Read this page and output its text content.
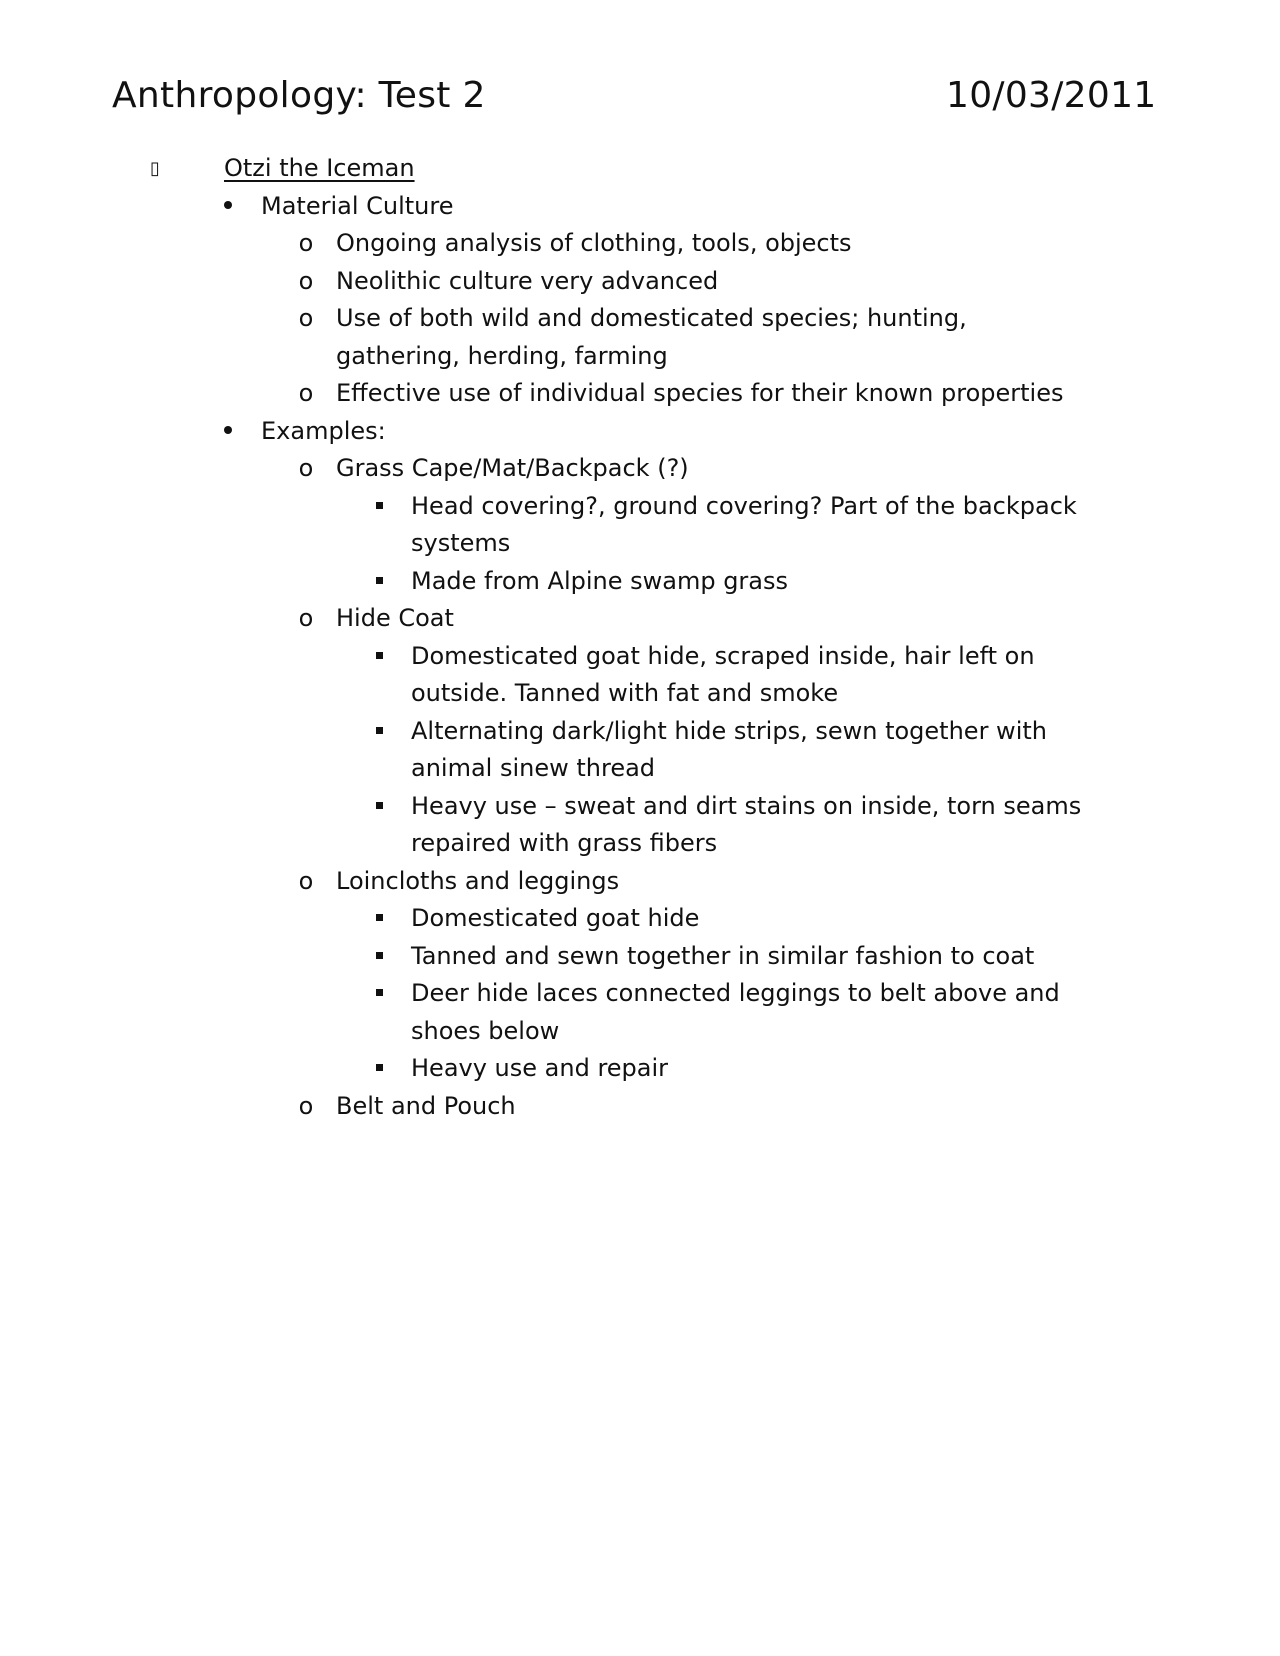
Anthropology: Test 2	10/03/2011
▯	Otzi the Iceman
Material Culture
o Ongoing analysis of clothing, tools, objects
o Neolithic culture very advanced
o Use of both wild and domesticated species; hunting,
gathering, herding, farming
o Effective use of individual species for their known properties
Examples:
o Grass Cape/Mat/Backpack (?)
Head covering?, ground covering? Part of the backpack
systems
Made from Alpine swamp grass
o Hide Coat
Domesticated goat hide, scraped inside, hair left on
outside. Tanned with fat and smoke
Alternating dark/light hide strips, sewn together with
animal sinew thread
Heavy use – sweat and dirt stains on inside, torn seams
repaired with grass fibers
o Loincloths and leggings
Domesticated goat hide
Tanned and sewn together in similar fashion to coat
Deer hide laces connected leggings to belt above and
shoes below
Heavy use and repair
o Belt and Pouch
